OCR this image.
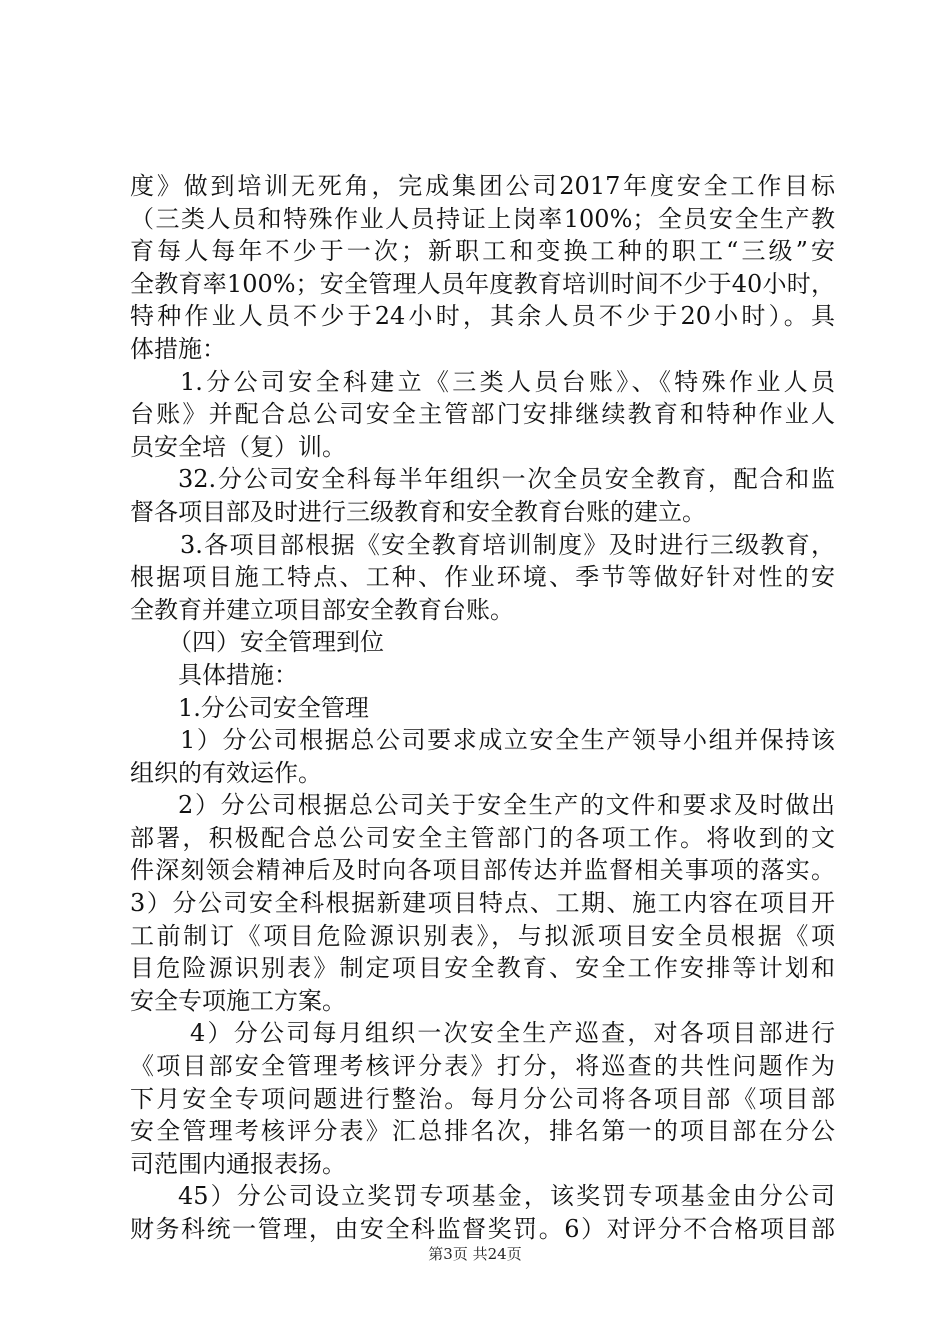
度》做到培训无死角，完成集团公司2017年度安全工作目标
（三类人员和特殊作业人员持证上岗率100%；全员安全生产教
育每人每年不少于一次；新职工和变换工种的职工“三级”安
全教育率100%；安全管理人员年度教育培训时间不少于40小时，
特种作业人员不少于24小时，其余人员不少于20小时）。具
体措施：
1.分公司安全科建立《三类人员台账》、《特殊作业人员
台账》并配合总公司安全主管部门安排继续教育和特种作业人
员安全培（复）训。
32.分公司安全科每半年组织一次全员安全教育，配合和监
督各项目部及时进行三级教育和安全教育台账的建立。
3.各项目部根据《安全教育培训制度》及时进行三级教育，
根据项目施工特点、工种、作业环境、季节等做好针对性的安
全教育并建立项目部安全教育台账。
（四）安全管理到位
具体措施：
1.分公司安全管理
1）分公司根据总公司要求成立安全生产领导小组并保持该
组织的有效运作。
2）分公司根据总公司关于安全生产的文件和要求及时做出
部署，积极配合总公司安全主管部门的各项工作。将收到的文
件深刻领会精神后及时向各项目部传达并监督相关事项的落实。
3）分公司安全科根据新建项目特点、工期、施工内容在项目开
工前制订《项目危险源识别表》，与拟派项目安全员根据《项
目危险源识别表》制定项目安全教育、安全工作安排等计划和
安全专项施工方案。
4）分公司每月组织一次安全生产巡查，对各项目部进行
《项目部安全管理考核评分表》打分，将巡查的共性问题作为
下月安全专项问题进行整治。每月分公司将各项目部《项目部
安全管理考核评分表》汇总排名次，排名第一的项目部在分公
司范围内通报表扬。
45）分公司设立奖罚专项基金，该奖罚专项基金由分公司
财务科统一管理，由安全科监督奖罚。6）对评分不合格项目部
第3页 共24页
